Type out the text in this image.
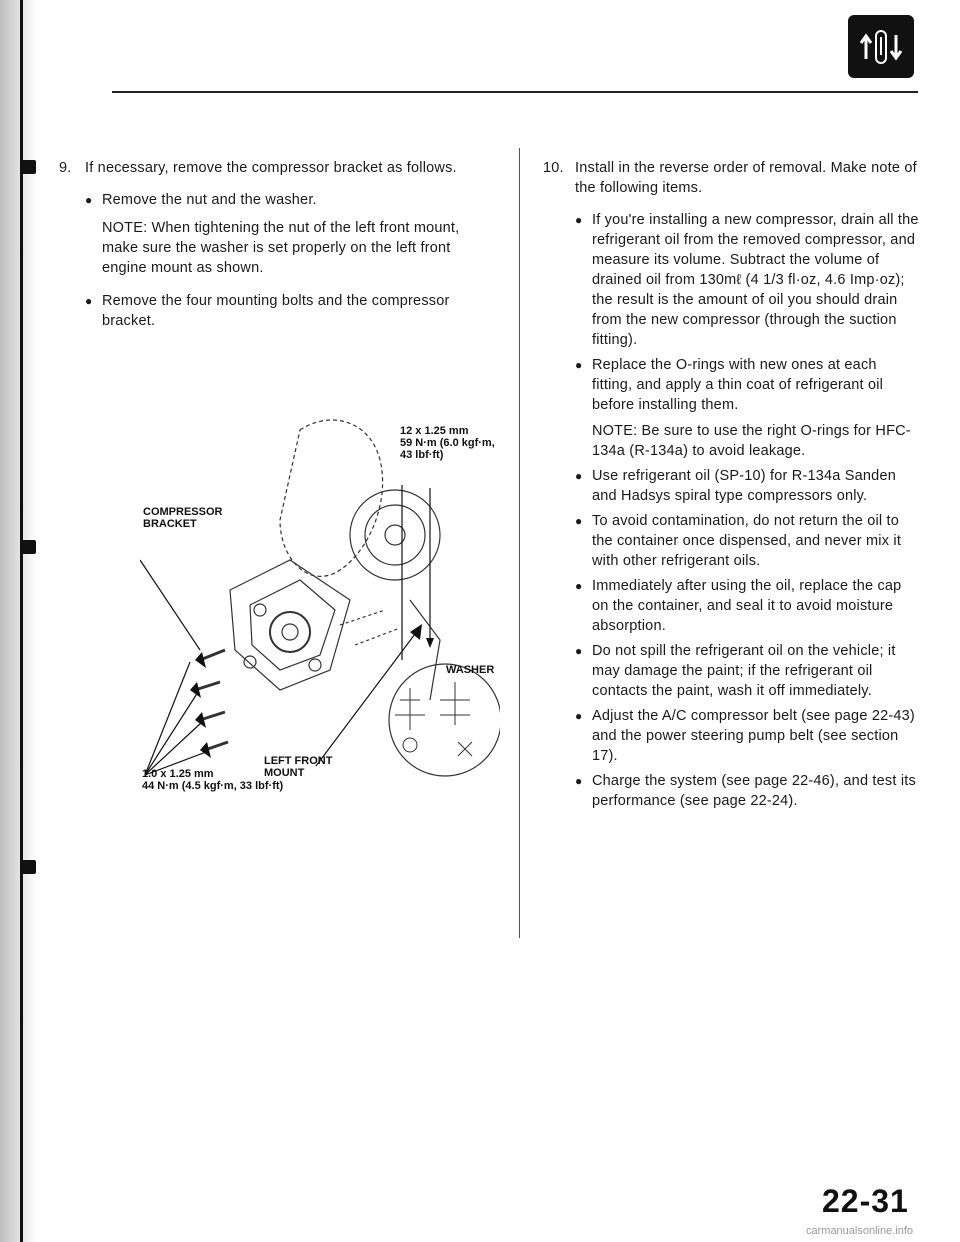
9. If necessary, remove the compressor bracket as follows.

● Remove the nut and the washer.

NOTE: When tightening the nut of the left front mount, make sure the washer is set properly on the left front engine mount as shown.

● Remove the four mounting bolts and the compressor bracket.
12 x 1.25 mm
59 N·m (6.0 kgf·m,
43 lbf·ft)
COMPRESSOR
BRACKET
WASHER
LEFT FRONT
MOUNT
1.0 x 1.25 mm
44 N·m (4.5 kgf·m, 33 lbf·ft)
10. Install in the reverse order of removal. Make note of the following items.

● If you're installing a new compressor, drain all the refrigerant oil from the removed compressor, and measure its volume. Subtract the volume of drained oil from 130mℓ (4 1/3 fl·oz, 4.6 Imp·oz); the result is the amount of oil you should drain from the new compressor (through the suction fitting).
● Replace the O-rings with new ones at each fitting, and apply a thin coat of refrigerant oil before installing them.

NOTE: Be sure to use the right O-rings for HFC-134a (R-134a) to avoid leakage.

● Use refrigerant oil (SP-10) for R-134a Sanden and Hadsys spiral type compressors only.
● To avoid contamination, do not return the oil to the container once dispensed, and never mix it with other refrigerant oils.
● Immediately after using the oil, replace the cap on the container, and seal it to avoid moisture absorption.
● Do not spill the refrigerant oil on the vehicle; it may damage the paint; if the refrigerant oil contacts the paint, wash it off immediately.
● Adjust the A/C compressor belt (see page 22-43) and the power steering pump belt (see section 17).
● Charge the system (see page 22-46), and test its performance (see page 22-24).
22-31
carmanualsonline.info
